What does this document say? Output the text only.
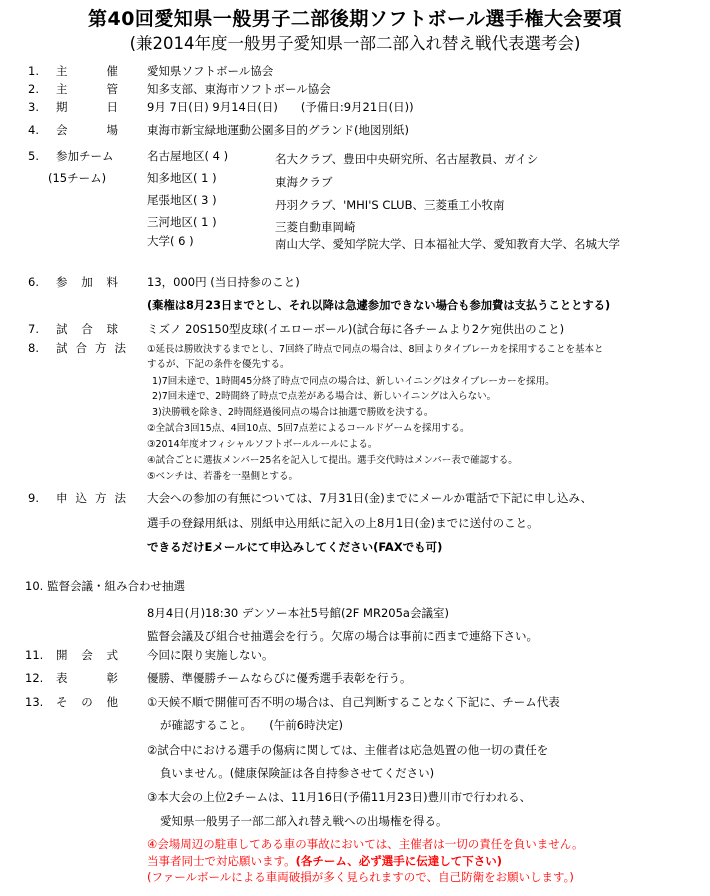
第40回愛知県一般男子二部後期ソフトボール選手権大会要項
(兼2014年度一般男子愛知県一部二部入れ替え戦代表選考会)
1. 主	催	愛知県ソフトボール協会
2. 主	管	知多支部、東海市ソフトボール協会
3. 期	日	9月 7日(日) 9月14日(日)　　(予備日:9月21日(日))
4. 会	場	東海市新宝緑地運動公園多目的グランド(地図別紙)
5. 参加チーム
(15チーム)
名古屋地区( 4 )	名大クラブ、豊田中央研究所、名古屋教員、ガイシ
知多地区( 1 )	東海クラブ
尾張地区( 3 )	丹羽クラブ、'MHI'S CLUB、三菱重工小牧南
三河地区( 1 )	三菱自動車岡崎
大学( 6 )	南山大学、愛知学院大学、日本福祉大学、愛知教育大学、名城大学
6. 参 加 料	13，000円 (当日持参のこと)
(棄権は8月23日までとし、それ以降は急遽参加できない場合も参加費は支払うこととする)
7. 試 合 球	ミズノ 20S150型皮球(イエローボール)(試合毎に各チームより2ケ宛供出のこと)
8. 試 合 方 法 ①延長は勝敗決するまでとし、7回終了時点で同点の場合は、8回よりタイブレーカを採用することを基本と
するが、下記の条件を優先する。
1)7回未達で、1時間45分終了時点で同点の場合は、新しいイニングはタイブレーカーを採用。
2)7回未達で、2時間終了時点で点差がある場合は、新しいイニングは入らない。
3)決勝戦を除き、2時間経過後同点の場合は抽選で勝敗を決する。
②全試合3回15点、4回10点、5回7点差によるコールドゲームを採用する。
③2014年度オフィシャルソフトボールルールによる。
④試合ごとに選抜メンバー25名を記入して提出。選手交代時はメンバー表で確認する。
⑤ベンチは、若番を一塁側とする。
9. 申 込 方 法 大会への参加の有無については、7月31日(金)までにメールか電話で下記に申し込み、
選手の登録用紙は、別紙申込用紙に記入の上8月1日(金)までに送付のこと。
できるだけEメールにて申込みしてください(FAXでも可)
10. 監督会議・組み合わせ抽選
8月4日(月)18:30 デンソー本社5号館(2F MR205a会議室)
監督会議及び組合せ抽選会を行う。欠席の場合は事前に西まで連絡下さい。
11. 開 会 式	今回に限り実施しない。
12. 表	彰	優勝、準優勝チームならびに優秀選手表彰を行う。
13. そ の 他	①天候不順で開催可否不明の場合は、自己判断することなく下記に、チーム代表
が確認すること。　　(午前6時決定)
②試合中における選手の傷病に関しては、主催者は応急処置の他一切の責任を
負いません。(健康保険証は各自持参させてください)
③本大会の上位2チームは、11月16日(予備11月23日)豊川市で行われる、
愛知県一般男子一部二部入れ替え戦への出場権を得る。
④会場周辺の駐車してある車の事故においては、主催者は一切の責任を負いません。
当事者同士で対応願います。(各チーム、必ず選手に伝達して下さい)
(ファールボールによる車両破損が多く見られますので、自己防衛をお願いします。)
